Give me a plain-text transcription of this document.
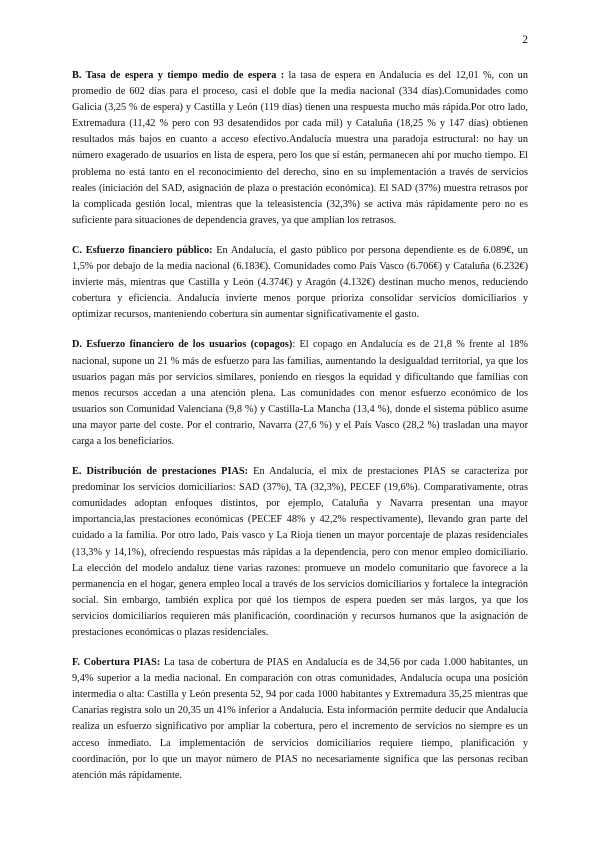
2

B. Tasa de espera y tiempo medio de espera : la tasa de espera en Andalucía es del 12,01 %, con un promedio de 602 días para el proceso, casi el doble que la media nacional (334 días).Comunidades como Galicia (3,25 % de espera) y Castilla y León (119 días) tienen una respuesta mucho más rápida.Por otro lado, Extremadura (11,42 % pero con 93 desatendidos por cada mil) y Cataluña (18,25 % y 147 días) obtienen resultados más bajos en cuanto a acceso efectivo.Andalucía muestra una paradoja estructural: no hay un número exagerado de usuarios en lista de espera, pero los que sí están, permanecen ahí por mucho tiempo. El problema no está tanto en el reconocimiento del derecho, sino en su implementación a través de servicios reales (iniciación del SAD, asignación de plaza o prestación económica). El SAD (37%) muestra retrasos por la complicada gestión local, mientras que la teleasistencia (32,3%) se activa más rápidamente pero no es suficiente para situaciones de dependencia graves, ya que amplían los retrasos.

C. Esfuerzo financiero público: En Andalucía, el gasto público por persona dependiente es de 6.089€, un 1,5% por debajo de la media nacional (6.183€). Comunidades como País Vasco (6.706€) y Cataluña (6.232€) invierte más, mientras que Castilla y León (4.374€) y Aragón (4.132€) destinan mucho menos, reduciendo cobertura y eficiencia. Andalucía invierte menos porque prioriza consolidar servicios domiciliarios y optimizar recursos, manteniendo cobertura sin aumentar significativamente el gasto.

D. Esfuerzo financiero de los usuarios (copagos): El copago en Andalucía es de 21,8 % frente al 18% nacional, supone un 21 % más de esfuerzo para las familias, aumentando la desigualdad territorial, ya que los usuarios pagan más por servicios similares, poniendo en riesgos la equidad y dificultando que familias con menos recursos accedan a una atención plena. Las comunidades con menor esfuerzo económico de los usuarios son Comunidad Valenciana (9,8 %) y Castilla-La Mancha (13,4 %), donde el sistema público asume una mayor parte del coste. Por el contrario, Navarra (27,6 %) y el País Vasco (28,2 %) trasladan una mayor carga a los beneficiarios.

E. Distribución de prestaciones PIAS: En Andalucía, el mix de prestaciones PIAS se caracteriza por predominar los servicios domiciliarios: SAD (37%), TA (32,3%), PECEF (19,6%). Comparativamente, otras comunidades adoptan enfoques distintos, por ejemplo, Cataluña y Navarra presentan una mayor importancia,las prestaciones económicas (PECEF 48% y 42,2% respectivamente), llevando gran parte del cuidado a la familia. Por otro lado, País vasco y La Rioja tienen un mayor porcentaje de plazas residenciales (13,3% y 14,1%), ofreciendo respuestas más rápidas a la dependencia, pero con menor empleo domiciliario. La elección del modelo andaluz tiene varias razones: promueve un modelo comunitario que favorece a la permanencia en el hogar, genera empleo local a través de los servicios domiciliarios y fortalece la integración social. Sin embargo, también explica por qué los tiempos de espera pueden ser más largos, ya que los servicios domiciliarios requieren más planificación, coordinación y recursos humanos que la asignación de prestaciones económicas o plazas residenciales.

F. Cobertura PIAS: La tasa de cobertura de PIAS en Andalucía es de 34,56 por cada 1.000 habitantes, un 9,4% superior a la media nacional. En comparación con otras comunidades, Andalucía ocupa una posición intermedia o alta: Castilla y León presenta 52, 94 por cada 1000 habitantes y Extremadura 35,25 mientras que Canarias registra solo un 20,35 un 41% inferior a Andalucía. Esta información permite deducir que Andalucía realiza un esfuerzo significativo por ampliar la cobertura, pero el incremento de servicios no siempre es un acceso inmediato. La implementación de servicios domiciliarios requiere tiempo, planificación y coordinación, por lo que un mayor número de PIAS no necesariamente significa que las personas reciban atención más rápidamente.
